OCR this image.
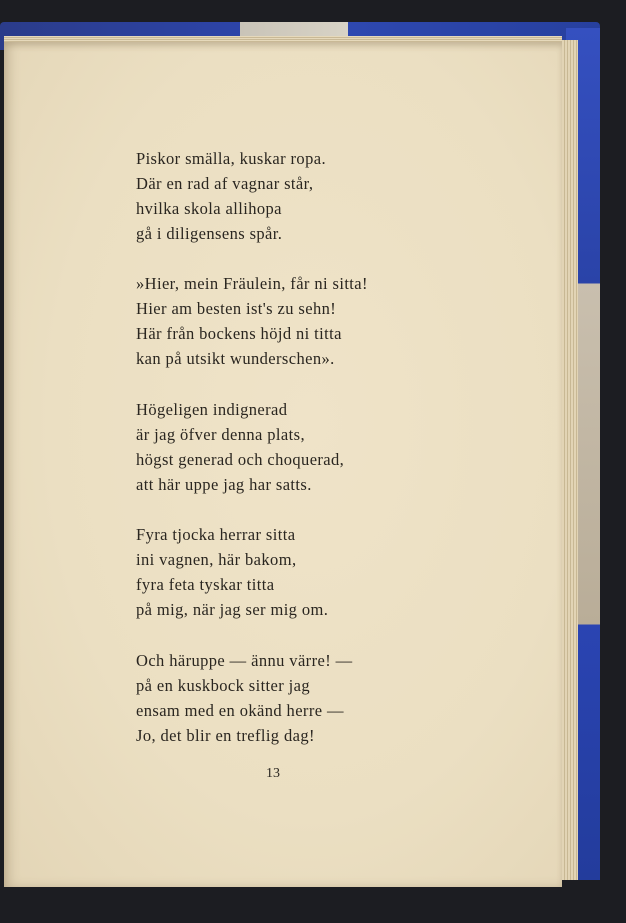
Piskor smälla, kuskar ropa.
Där en rad af vagnar står,
hvilka skola allihopa
gå i diligensens spår.
»Hier, mein Fräulein, får ni sitta!
Hier am besten ist's zu sehn!
Här från bockens höjd ni titta
kan på utsikt wunderschen».
Högeligen indignerad
är jag öfver denna plats,
högst generad och choquerad,
att här uppe jag har satts.
Fyra tjocka herrar sitta
ini vagnen, här bakom,
fyra feta tyskar titta
på mig, när jag ser mig om.
Och häruppe — ännu värre! —
på en kuskbock sitter jag
ensam med en okänd herre —
Jo, det blir en treflig dag!
13
